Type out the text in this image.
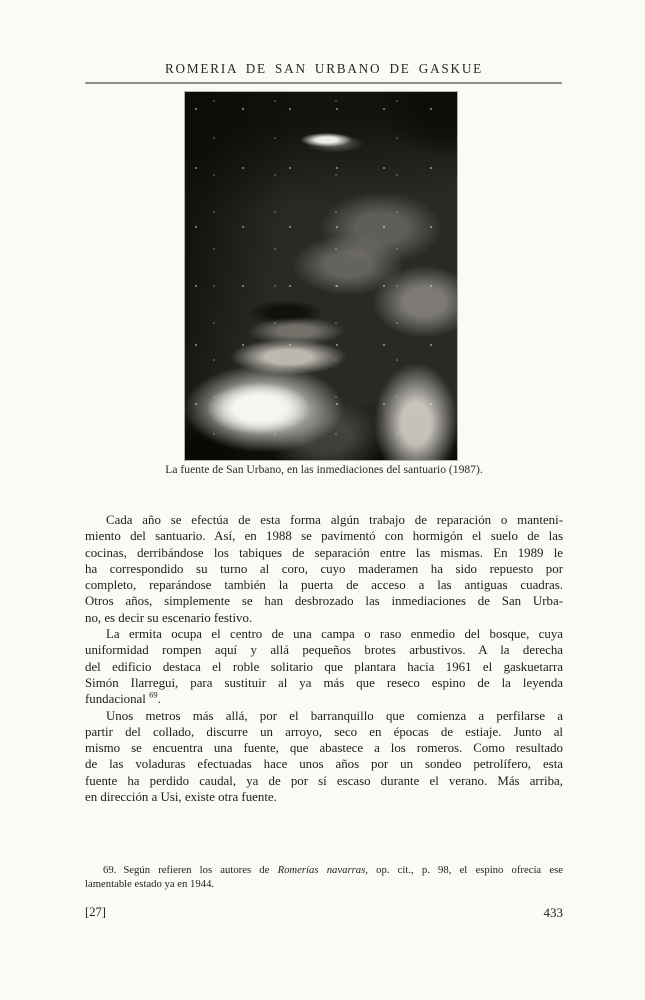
ROMERIA DE SAN URBANO DE GASKUE
La fuente de San Urbano, en las inmediaciones del santuario (1987).
Cada año se efectúa de esta forma algún trabajo de reparación o manteni-
miento del santuario. Así, en 1988 se pavimentó con hormigón el suelo de las
cocinas, derribándose los tabiques de separación entre las mismas. En 1989 le
ha correspondido su turno al coro, cuyo maderamen ha sido repuesto por
completo, reparándose también la puerta de acceso a las antiguas cuadras.
Otros años, simplemente se han desbrozado las inmediaciones de San Urba-
no, es decir su escenario festivo.
La ermita ocupa el centro de una campa o raso enmedio del bosque, cuya
uniformidad rompen aquí y allá pequeños brotes arbustivos. A la derecha
del edificio destaca el roble solitario que plantara hacia 1961 el gaskuetarra
Simón Ilarregui, para sustituir al ya más que reseco espino de la leyenda
fundacional $^{69}$.
Unos metros más allá, por el barranquillo que comienza a perfilarse a
partir del collado, discurre un arroyo, seco en épocas de estiaje. Junto al
mismo se encuentra una fuente, que abastece a los romeros. Como resultado
de las voladuras efectuadas hace unos años por un sondeo petrolífero, esta
fuente ha perdido caudal, ya de por sí escaso durante el verano. Más arriba,
en dirección a Usi, existe otra fuente.
69. Según refieren los autores de Romerías navarras, op. cit., p. 98, el espino ofrecía ese
lamentable estado ya en 1944.
[27]	433
